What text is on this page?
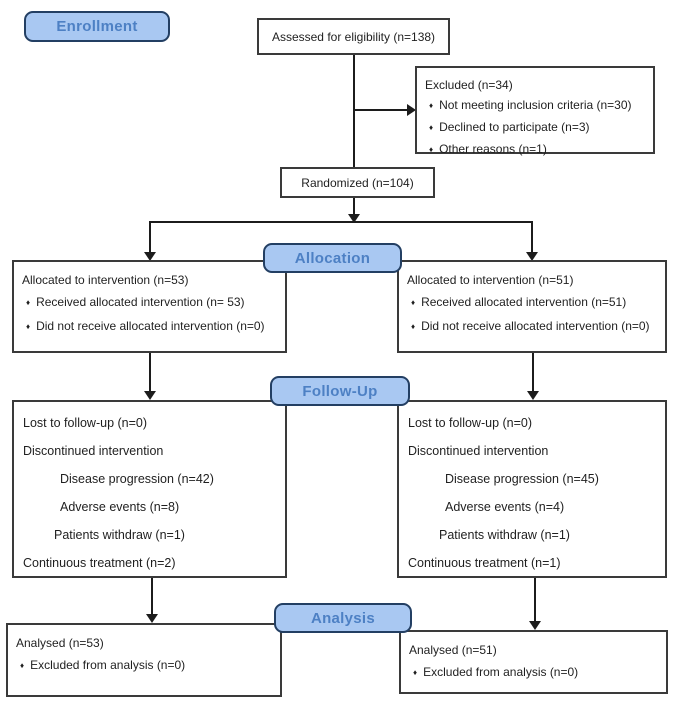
Enrollment
Allocation
Follow-Up
Analysis
Assessed for eligibility (n=138)
Excluded (n=34)
♦ Not meeting inclusion criteria (n=30)
♦ Declined to participate (n=3)
♦ Other reasons (n=1)
Randomized (n=104)
Allocated to intervention (n=53)
♦ Received allocated intervention (n= 53)
♦ Did not receive allocated intervention (n=0)
Allocated to intervention (n=51)
♦ Received allocated intervention (n=51)
♦ Did not receive allocated intervention (n=0)
Lost to follow-up (n=0)
Discontinued intervention
Disease progression (n=42)
Adverse events (n=8)
Patients withdraw (n=1)
Continuous treatment (n=2)
Lost to follow-up (n=0)
Discontinued intervention
Disease progression (n=45)
Adverse events (n=4)
Patients withdraw (n=1)
Continuous treatment (n=1)
Analysed (n=53)
♦ Excluded from analysis (n=0)
Analysed (n=51)
♦ Excluded from analysis (n=0)
